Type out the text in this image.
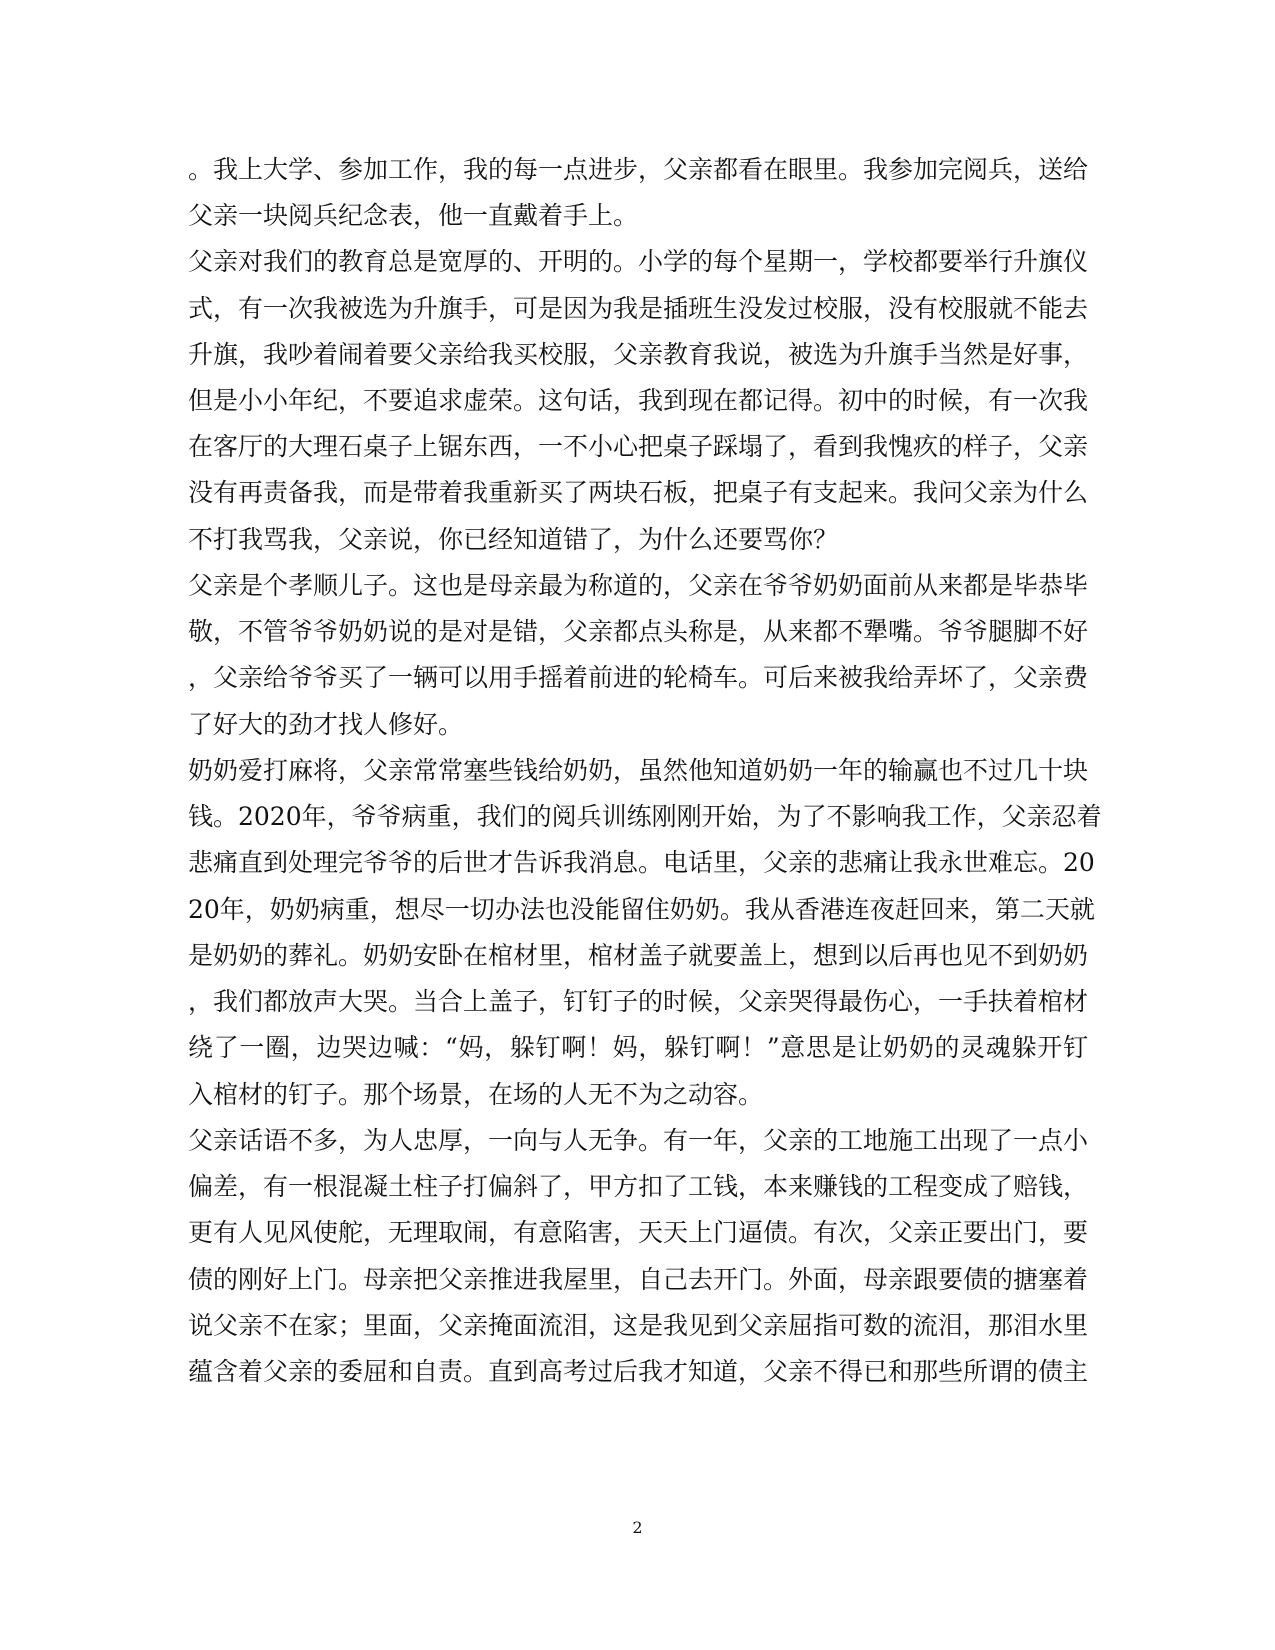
。我上大学、参加工作，我的每一点进步，父亲都看在眼里。我参加完阅兵，送给
父亲一块阅兵纪念表，他一直戴着手上。
父亲对我们的教育总是宽厚的、开明的。小学的每个星期一，学校都要举行升旗仪
式，有一次我被选为升旗手，可是因为我是插班生没发过校服，没有校服就不能去
升旗，我吵着闹着要父亲给我买校服，父亲教育我说，被选为升旗手当然是好事，
但是小小年纪，不要追求虚荣。这句话，我到现在都记得。初中的时候，有一次我
在客厅的大理石桌子上锯东西，一不小心把桌子踩塌了，看到我愧疚的样子，父亲
没有再责备我，而是带着我重新买了两块石板，把桌子有支起来。我问父亲为什么
不打我骂我，父亲说，你已经知道错了，为什么还要骂你？
父亲是个孝顺儿子。这也是母亲最为称道的，父亲在爷爷奶奶面前从来都是毕恭毕
敬，不管爷爷奶奶说的是对是错，父亲都点头称是，从来都不犟嘴。爷爷腿脚不好
，父亲给爷爷买了一辆可以用手摇着前进的轮椅车。可后来被我给弄坏了，父亲费
了好大的劲才找人修好。
奶奶爱打麻将，父亲常常塞些钱给奶奶，虽然他知道奶奶一年的输赢也不过几十块
钱。2020年，爷爷病重，我们的阅兵训练刚刚开始，为了不影响我工作，父亲忍着
悲痛直到处理完爷爷的后世才告诉我消息。电话里，父亲的悲痛让我永世难忘。20
20年，奶奶病重，想尽一切办法也没能留住奶奶。我从香港连夜赶回来，第二天就
是奶奶的葬礼。奶奶安卧在棺材里，棺材盖子就要盖上，想到以后再也见不到奶奶
，我们都放声大哭。当合上盖子，钉钉子的时候，父亲哭得最伤心，一手扶着棺材
绕了一圈，边哭边喊：“妈，躲钉啊！妈，躲钉啊！”意思是让奶奶的灵魂躲开钉
入棺材的钉子。那个场景，在场的人无不为之动容。
父亲话语不多，为人忠厚，一向与人无争。有一年，父亲的工地施工出现了一点小
偏差，有一根混凝土柱子打偏斜了，甲方扣了工钱，本来赚钱的工程变成了赔钱，
更有人见风使舵，无理取闹，有意陷害，天天上门逼债。有次，父亲正要出门，要
债的刚好上门。母亲把父亲推进我屋里，自己去开门。外面，母亲跟要债的搪塞着
说父亲不在家；里面，父亲掩面流泪，这是我见到父亲屈指可数的流泪，那泪水里
蕴含着父亲的委屈和自责。直到高考过后我才知道，父亲不得已和那些所谓的债主
2
